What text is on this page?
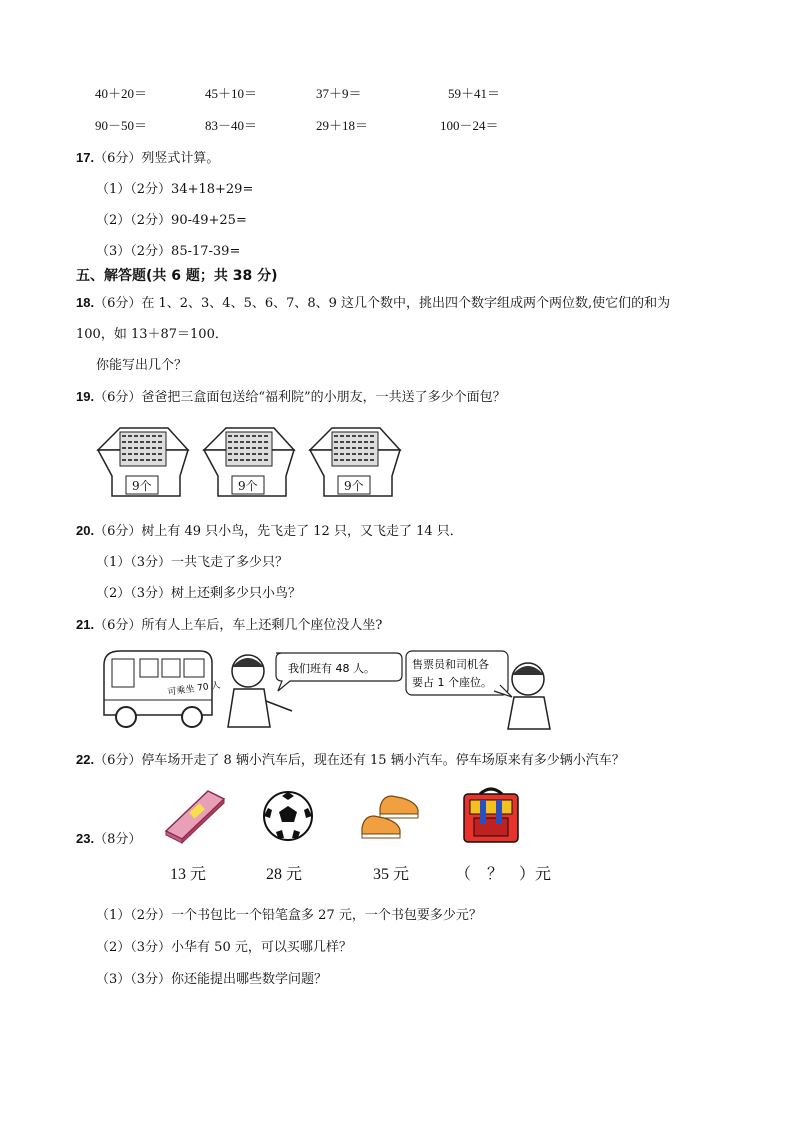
40＋20＝	45＋10＝	37＋9＝	59＋41＝
90－50＝	83－40＝	29＋18＝	100－24＝
17.（6分）列竖式计算。
（1）（2分）34+18+29=
（2）（2分）90-49+25=
（3）（2分）85-17-39=
五、解答题(共 6 题；共 38 分)
18.（6分）在 1、2、3、4、5、6、7、8、9 这几个数中，挑出四个数字组成两个两位数,使它们的和为
100，如 13＋87＝100．
你能写出几个？
19.（6分）爸爸把三盒面包送给“福利院”的小朋友，一共送了多少个面包？
9个	9个	9个
20.（6分）树上有 49 只小鸟，先飞走了 12 只，又飞走了 14 只．
（1）（3分）一共飞走了多少只？
（2）（3分）树上还剩多少只小鸟？
21.（6分）所有人上车后，车上还剩几个座位没人坐?
可乘坐 70 人
我们班有 48 人。	售票员和司机各
要占 1 个座位。
22.（6分）停车场开走了 8 辆小汽车后，现在还有 15 辆小汽车。停车场原来有多少辆小汽车？
23.（8分）
13 元	28 元	35 元	（　？　）元
（1）（2分）一个书包比一个铅笔盒多 27 元，一个书包要多少元？
（2）（3分）小华有 50 元，可以买哪几样？
（3）（3分）你还能提出哪些数学问题？
